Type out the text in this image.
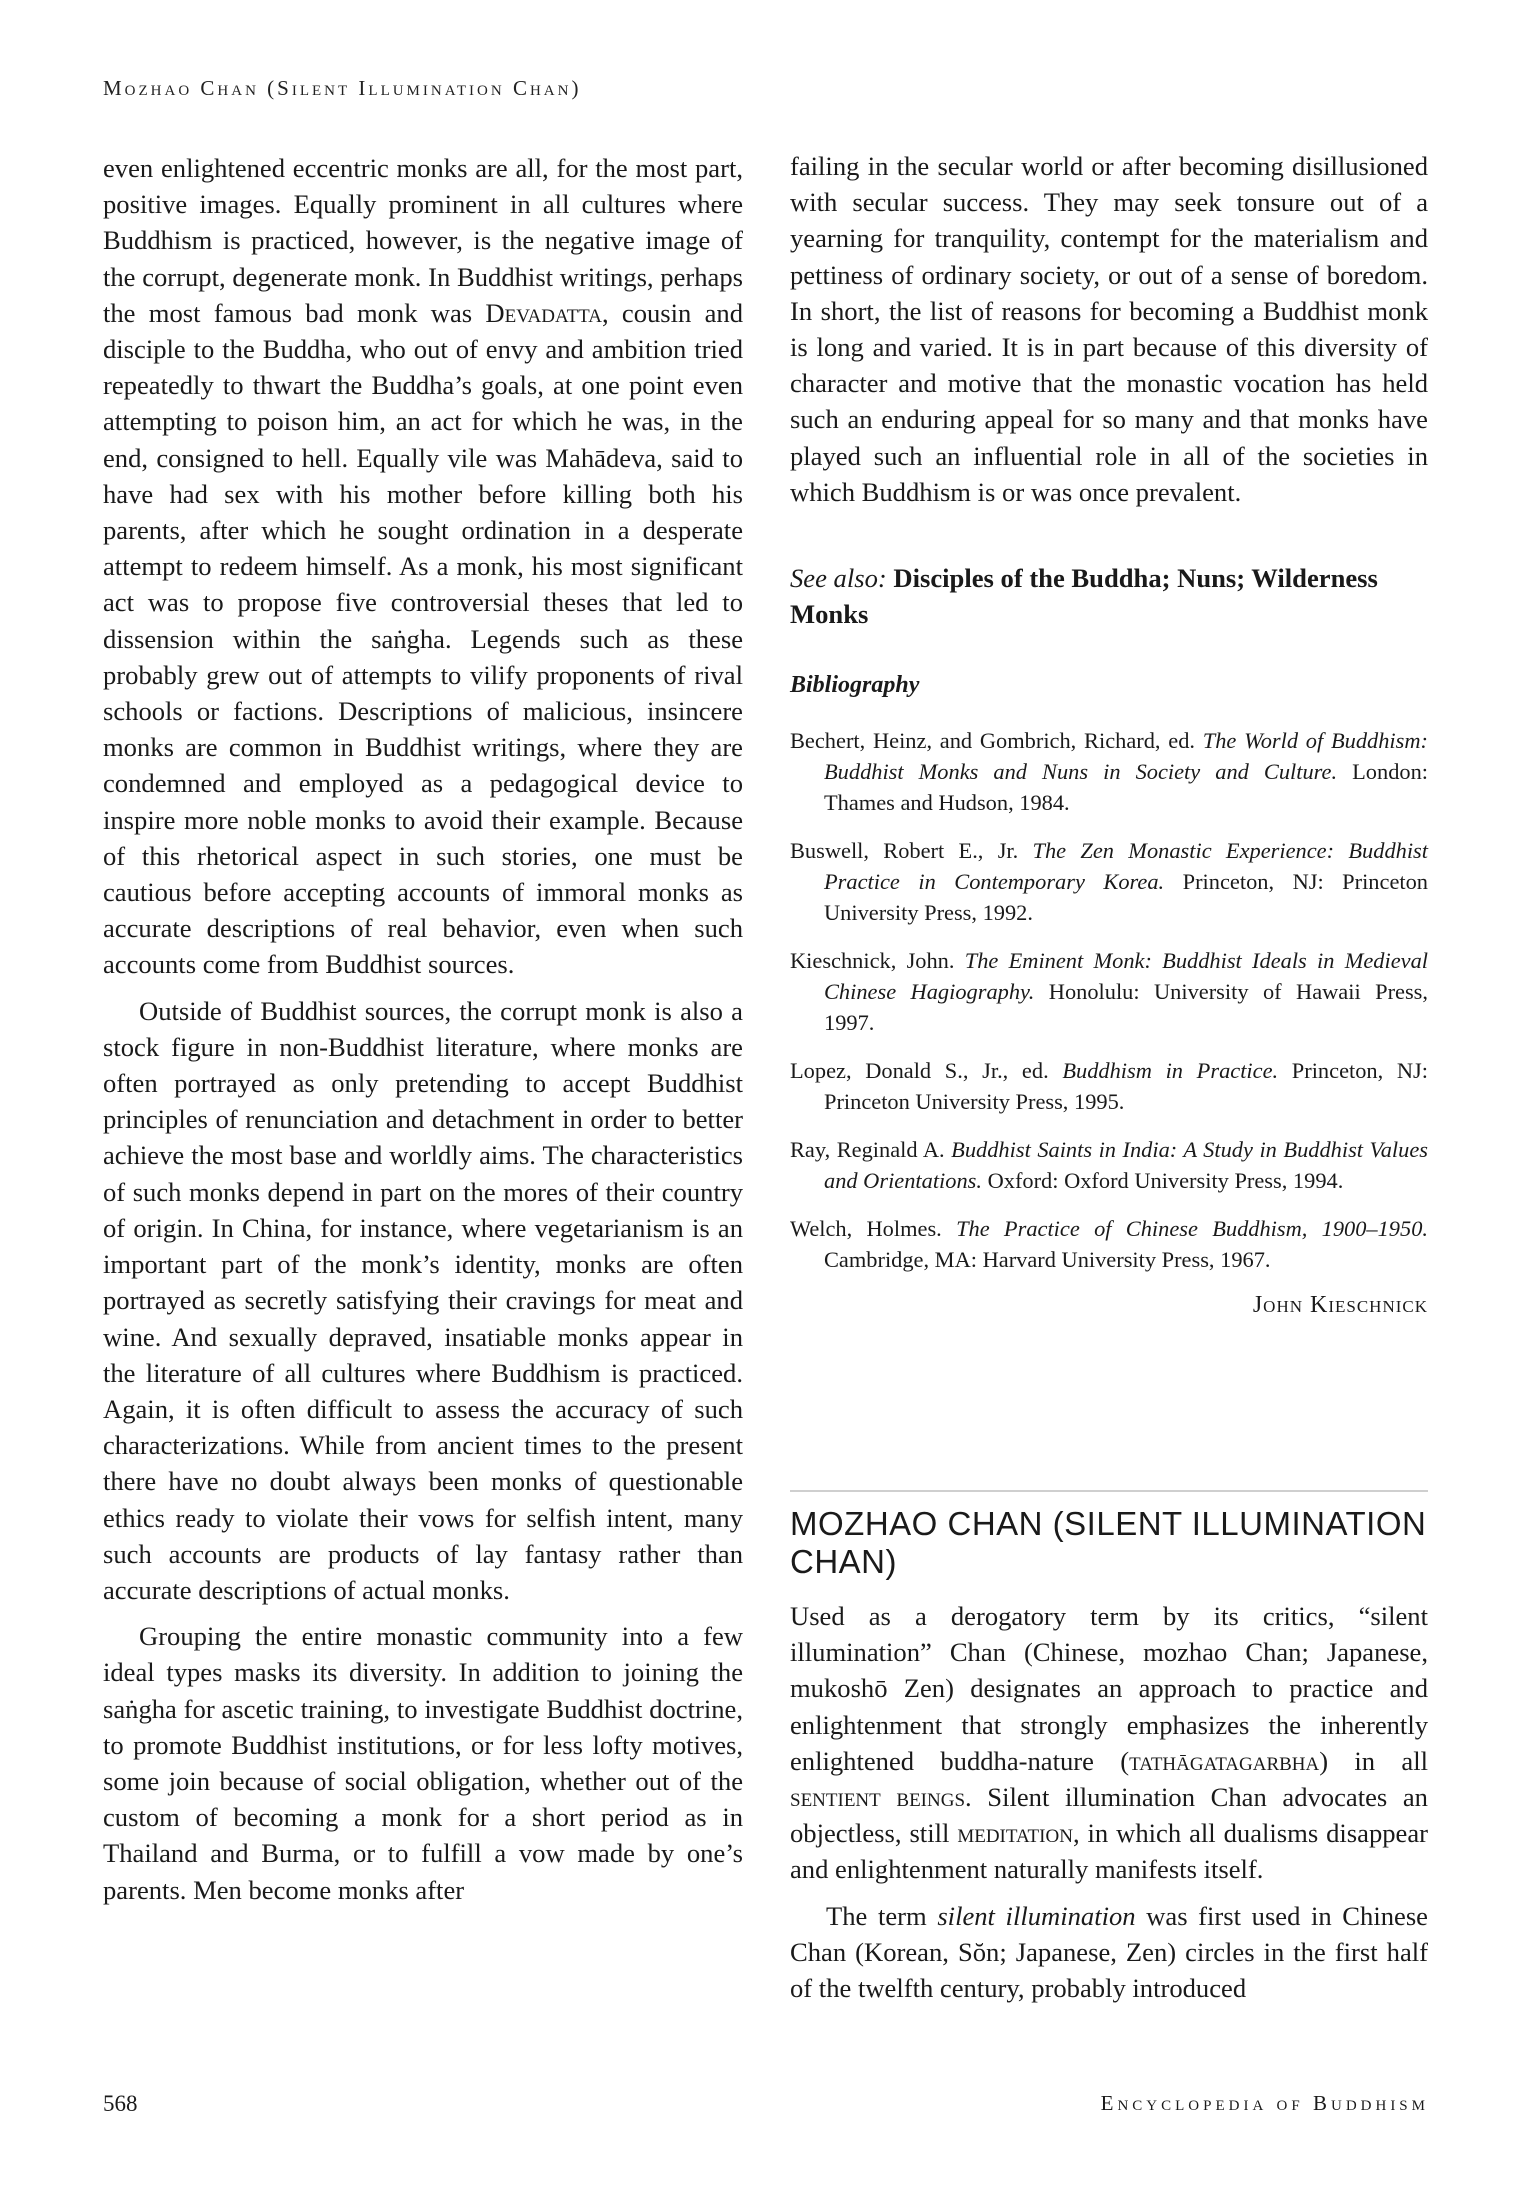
Mozhao Chan (Silent Illumination Chan)

even enlightened eccentric monks are all, for the most part, positive images. Equally prominent in all cultures where Buddhism is practiced, however, is the negative image of the corrupt, degenerate monk. In Buddhist writings, perhaps the most famous bad monk was Devadatta, cousin and disciple to the Buddha, who out of envy and ambition tried repeatedly to thwart the Buddha’s goals, at one point even attempting to poison him, an act for which he was, in the end, consigned to hell. Equally vile was Mahādeva, said to have had sex with his mother before killing both his parents, after which he sought ordination in a desperate attempt to redeem himself. As a monk, his most significant act was to propose five controversial theses that led to dissension within the saṅgha. Legends such as these probably grew out of attempts to vilify proponents of rival schools or factions. Descriptions of malicious, insincere monks are common in Buddhist writings, where they are condemned and employed as a pedagogical device to inspire more noble monks to avoid their example. Because of this rhetorical aspect in such stories, one must be cautious before accepting accounts of immoral monks as accurate descriptions of real behavior, even when such accounts come from Buddhist sources.

Outside of Buddhist sources, the corrupt monk is also a stock figure in non-Buddhist literature, where monks are often portrayed as only pretending to accept Buddhist principles of renunciation and detachment in order to better achieve the most base and worldly aims. The characteristics of such monks depend in part on the mores of their country of origin. In China, for instance, where vegetarianism is an important part of the monk’s identity, monks are often portrayed as secretly satisfying their cravings for meat and wine. And sexually depraved, insatiable monks appear in the literature of all cultures where Buddhism is practiced. Again, it is often difficult to assess the accuracy of such characterizations. While from ancient times to the present there have no doubt always been monks of questionable ethics ready to violate their vows for selfish intent, many such accounts are products of lay fantasy rather than accurate descriptions of actual monks.

Grouping the entire monastic community into a few ideal types masks its diversity. In addition to joining the saṅgha for ascetic training, to investigate Buddhist doctrine, to promote Buddhist institutions, or for less lofty motives, some join because of social obligation, whether out of the custom of becoming a monk for a short period as in Thailand and Burma, or to fulfill a vow made by one’s parents. Men become monks after

failing in the secular world or after becoming disillusioned with secular success. They may seek tonsure out of a yearning for tranquility, contempt for the materialism and pettiness of ordinary society, or out of a sense of boredom. In short, the list of reasons for becoming a Buddhist monk is long and varied. It is in part because of this diversity of character and motive that the monastic vocation has held such an enduring appeal for so many and that monks have played such an influential role in all of the societies in which Buddhism is or was once prevalent.

See also: Disciples of the Buddha; Nuns; Wilderness Monks
Bibliography
Bechert, Heinz, and Gombrich, Richard, ed. The World of Buddhism: Buddhist Monks and Nuns in Society and Culture. London: Thames and Hudson, 1984.
Buswell, Robert E., Jr. The Zen Monastic Experience: Buddhist Practice in Contemporary Korea. Princeton, NJ: Princeton University Press, 1992.
Kieschnick, John. The Eminent Monk: Buddhist Ideals in Medieval Chinese Hagiography. Honolulu: University of Hawaii Press, 1997.
Lopez, Donald S., Jr., ed. Buddhism in Practice. Princeton, NJ: Princeton University Press, 1995.
Ray, Reginald A. Buddhist Saints in India: A Study in Buddhist Values and Orientations. Oxford: Oxford University Press, 1994.
Welch, Holmes. The Practice of Chinese Buddhism, 1900–1950. Cambridge, MA: Harvard University Press, 1967.
John Kieschnick
MOZHAO CHAN (SILENT ILLUMINATION CHAN)

Used as a derogatory term by its critics, “silent illumination” Chan (Chinese, mozhao Chan; Japanese, mukoshō Zen) designates an approach to practice and enlightenment that strongly emphasizes the inherently enlightened buddha-nature (tathāgatagarbha) in all sentient beings. Silent illumination Chan advocates an objectless, still meditation, in which all dualisms disappear and enlightenment naturally manifests itself.

The term silent illumination was first used in Chinese Chan (Korean, Sŏn; Japanese, Zen) circles in the first half of the twelfth century, probably introduced

568	Encyclopedia of Buddhism
